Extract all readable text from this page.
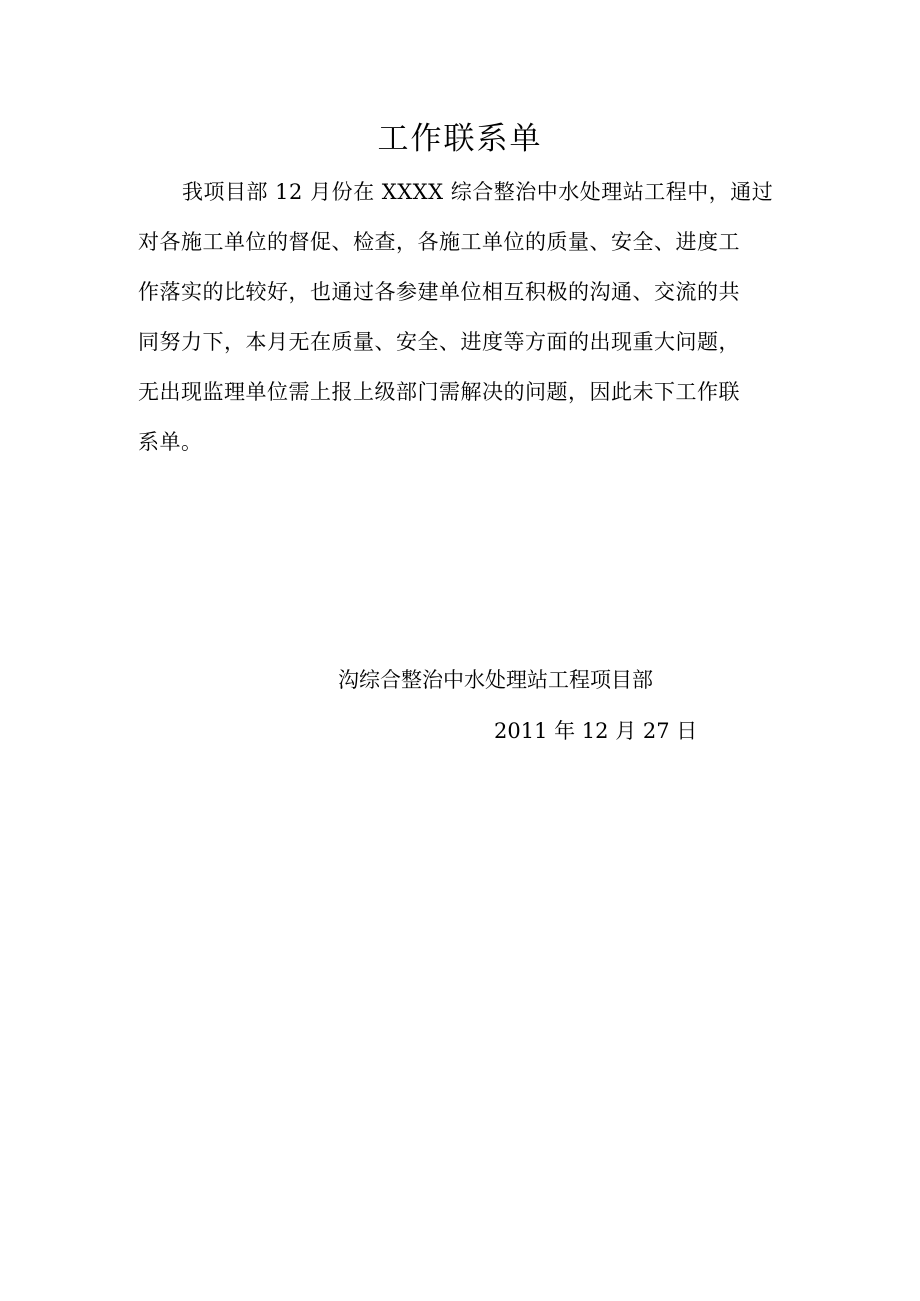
工作联系单
我项目部 12 月份在 XXXX 综合整治中水处理站工程中，通过
对各施工单位的督促、检查，各施工单位的质量、安全、进度工
作落实的比较好，也通过各参建单位相互积极的沟通、交流的共
同努力下，本月无在质量、安全、进度等方面的出现重大问题，
无出现监理单位需上报上级部门需解决的问题，因此未下工作联
系单。
沟综合整治中水处理站工程项目部
2011 年 12 月 27 日
